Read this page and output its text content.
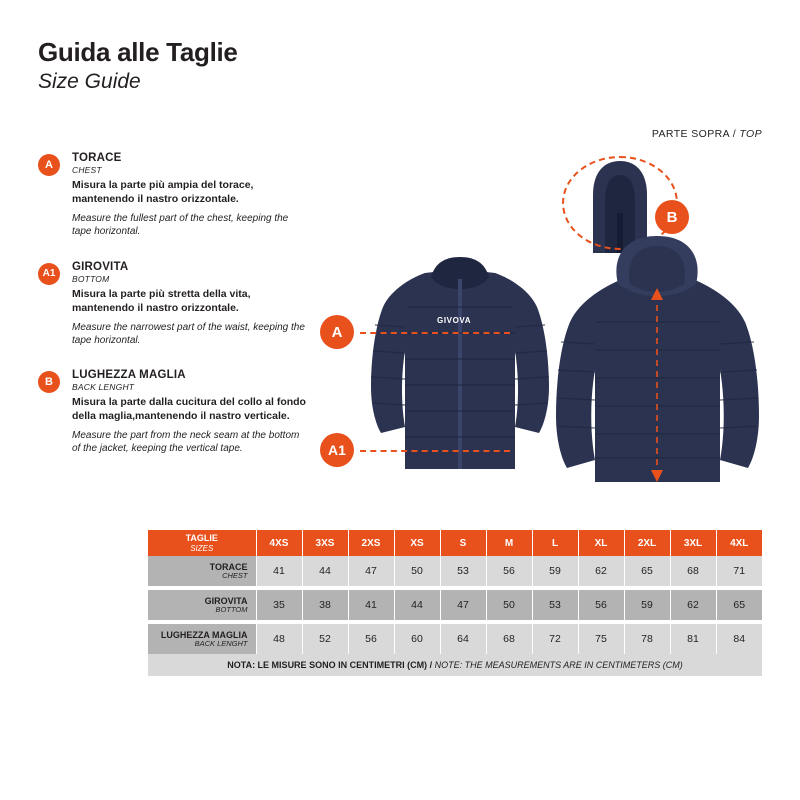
Guida alle Taglie
Size Guide
PARTE SOPRA / TOP
A
TORACE
CHEST
Misura la parte più ampia del torace, mantenendo il nastro orizzontale.
Measure the fullest part of the chest, keeping the tape horizontal.
A1
GIROVITA
BOTTOM
Misura la parte più stretta della vita, mantenendo il nastro orizzontale.
Measure the narrowest part of the waist, keeping the tape horizontal.
B
LUGHEZZA MAGLIA
BACK LENGHT
Misura la parte dalla cucitura del collo al fondo della maglia,mantenendo il nastro verticale.
Measure the part from the neck seam at the bottom of the jacket, keeping the vertical tape.
B
GIVOVA
A
A1

	TAGLIE
SIZES	4XS	3XS	2XS	XS	S	M	L	XL	2XL	3XL	4XL
	TORACE
CHEST	41	44	47	50	53	56	59	62	65	68	71

	GIROVITA
BOTTOM	35	38	41	44	47	50	53	56	59	62	65

	LUGHEZZA MAGLIA
BACK LENGHT	48	52	56	60	64	68	72	75	78	81	84
NOTA: LE MISURE SONO IN CENTIMETRI (CM) / NOTE: THE MEASUREMENTS ARE IN CENTIMETERS (CM)
